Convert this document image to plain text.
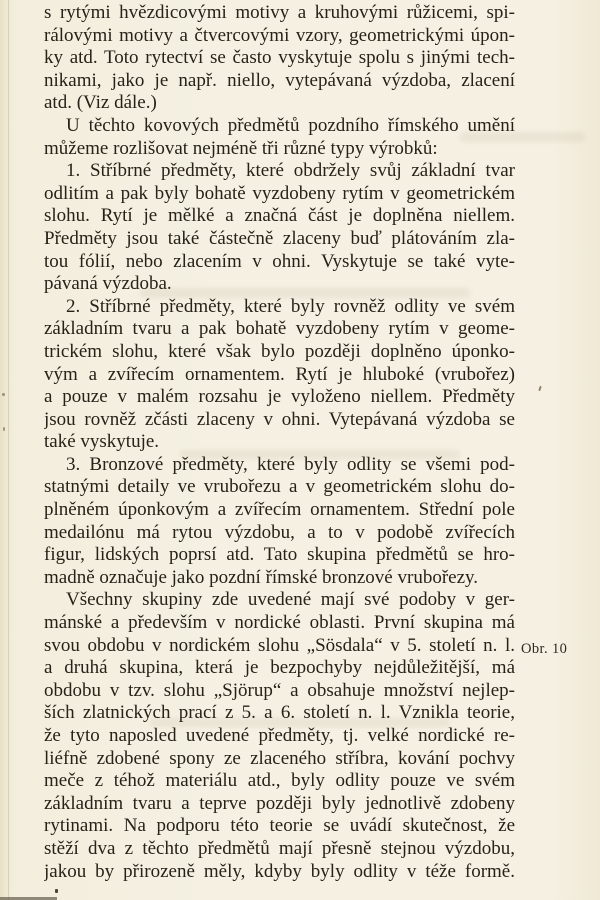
s rytými hvězdicovými motivy a kruhovými růžicemi, spi-
rálovými motivy a čtvercovými vzory, geometrickými úpon-
ky atd. Toto rytectví se často vyskytuje spolu s jinými tech-
nikami, jako je např. niello, vytepávaná výzdoba, zlacení
atd. (Viz dále.)
U těchto kovových předmětů pozdního římského umění
můžeme rozlišovat nejméně tři různé typy výrobků:
1. Stříbrné předměty, které obdržely svůj základní tvar
odlitím a pak byly bohatě vyzdobeny rytím v geometrickém
slohu. Rytí je mělké a značná část je doplněna niellem.
Předměty jsou také částečně zlaceny buď plátováním zla-
tou fólií, nebo zlacením v ohni. Vyskytuje se také vyte-
pávaná výzdoba.
2. Stříbrné předměty, které byly rovněž odlity ve svém
základním tvaru a pak bohatě vyzdobeny rytím v geome-
trickém slohu, které však bylo později doplněno úponko-
vým a zvířecím ornamentem. Rytí je hluboké (vrubořez)
a pouze v malém rozsahu je vyloženo niellem. Předměty
jsou rovněž zčásti zlaceny v ohni. Vytepávaná výzdoba se
také vyskytuje.
3. Bronzové předměty, které byly odlity se všemi pod-
statnými detaily ve vrubořezu a v geometrickém slohu do-
plněném úponkovým a zvířecím ornamentem. Střední pole
medailónu má rytou výzdobu, a to v podobě zvířecích
figur, lidských poprsí atd. Tato skupina předmětů se hro-
madně označuje jako pozdní římské bronzové vrubořezy.
Všechny skupiny zde uvedené mají své podoby v ger-
mánské a především v nordické oblasti. První skupina má
svou obdobu v nordickém slohu „Sösdala“ v 5. století n. l.
a druhá skupina, která je bezpochyby nejdůležitější, má
obdobu v tzv. slohu „Sjörup“ a obsahuje množství nejlep-
ších zlatnických prací z 5. a 6. století n. l. Vznikla teorie,
že tyto naposled uvedené předměty, tj. velké nordické re-
liéfně zdobené spony ze zlaceného stříbra, kování pochvy
meče z téhož materiálu atd., byly odlity pouze ve svém
základním tvaru a teprve později byly jednotlivě zdobeny
rytinami. Na podporu této teorie se uvádí skutečnost, že
stěží dva z těchto předmětů mají přesně stejnou výzdobu,
jakou by přirozeně měly, kdyby byly odlity v téže formě.
Obr. 10
